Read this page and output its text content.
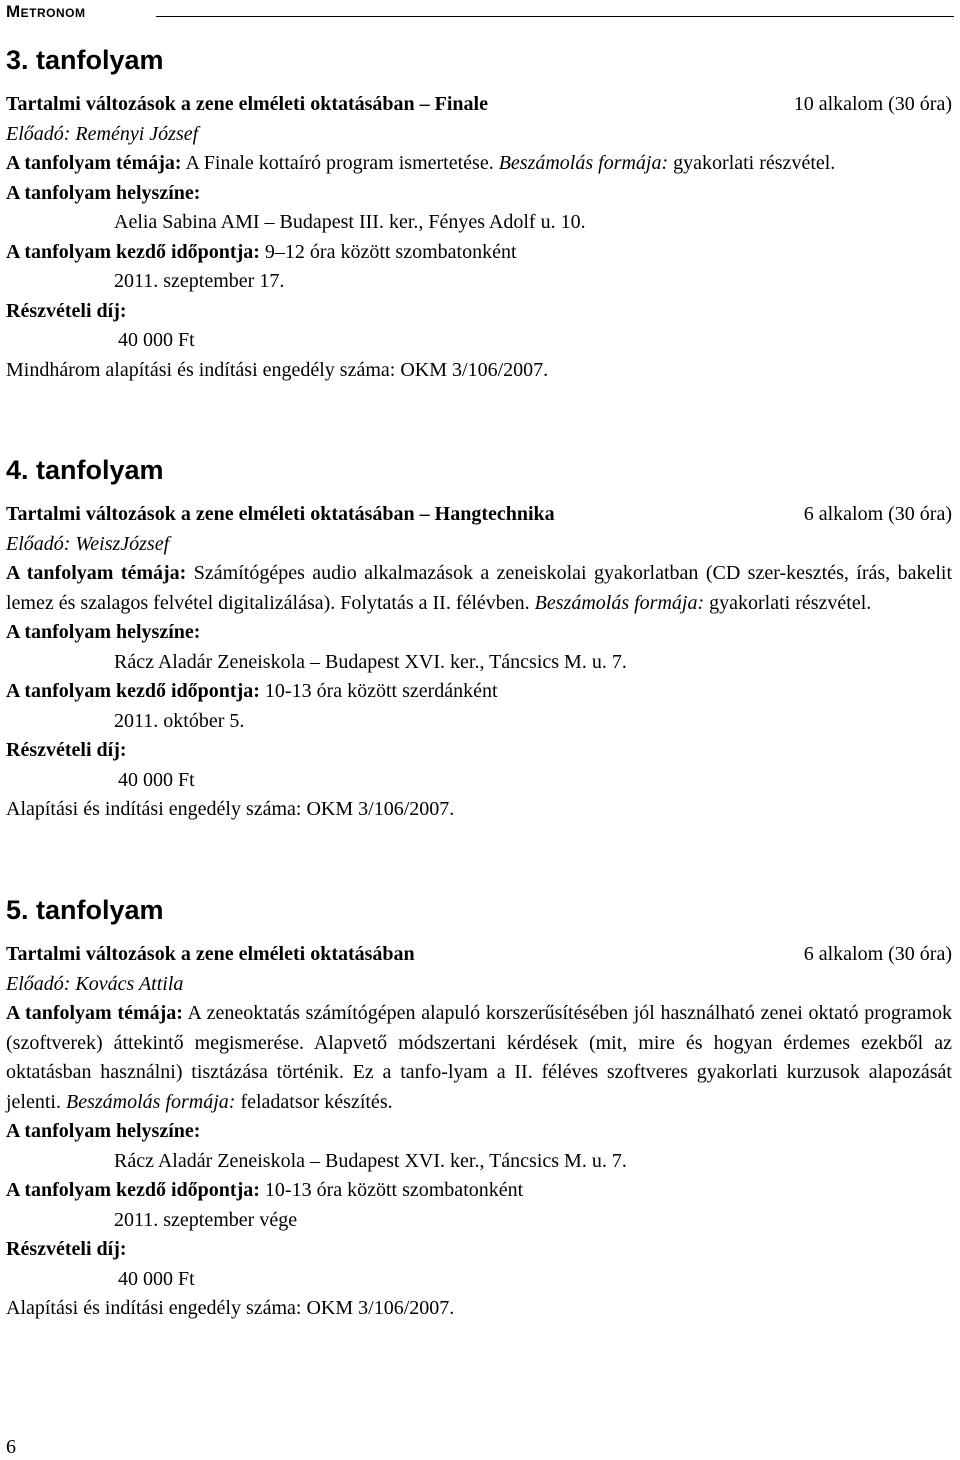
Metronom
3. tanfolyam
Tartalmi változások a zene elméleti oktatásában – Finale	10 alkalom (30 óra)
Előadó: Reményi József
A tanfolyam témája: A Finale kottaíró program ismertetése. Beszámolás formája: gyakorlati részvétel.
A tanfolyam helyszíne:
Aelia Sabina AMI – Budapest III. ker., Fényes Adolf u. 10.
A tanfolyam kezdő időpontja: 9–12 óra között szombatonként
2011. szeptember 17.
Részvételi díj:
40 000 Ft
Mindhárom alapítási és indítási engedély száma: OKM 3/106/2007.
4. tanfolyam
Tartalmi változások a zene elméleti oktatásában – Hangtechnika	6 alkalom (30 óra)
Előadó: WeiszJózsef
A tanfolyam témája: Számítógépes audio alkalmazások a zeneiskolai gyakorlatban (CD szer-kesztés, írás, bakelit lemez és szalagos felvétel digitalizálása). Folytatás a II. félévben. Beszámolás formája: gyakorlati részvétel.
A tanfolyam helyszíne:
Rácz Aladár Zeneiskola – Budapest XVI. ker., Táncsics M. u. 7.
A tanfolyam kezdő időpontja: 10-13 óra között szerdánként
2011. október 5.
Részvételi díj:
40 000 Ft
Alapítási és indítási engedély száma: OKM 3/106/2007.
5. tanfolyam
Tartalmi változások a zene elméleti oktatásában	6 alkalom (30 óra)
Előadó: Kovács Attila
A tanfolyam témája: A zeneoktatás számítógépen alapuló korszerűsítésében jól használható zenei oktató programok (szoftverek) áttekintő megismerése. Alapvető módszertani kérdések (mit, mire és hogyan érdemes ezekből az oktatásban használni) tisztázása történik. Ez a tanfo-lyam a II. féléves szoftveres gyakorlati kurzusok alapozását jelenti. Beszámolás formája: feladatsor készítés.
A tanfolyam helyszíne:
Rácz Aladár Zeneiskola – Budapest XVI. ker., Táncsics M. u. 7.
A tanfolyam kezdő időpontja: 10-13 óra között szombatonként
2011. szeptember vége
Részvételi díj:
40 000 Ft
Alapítási és indítási engedély száma: OKM 3/106/2007.
6
